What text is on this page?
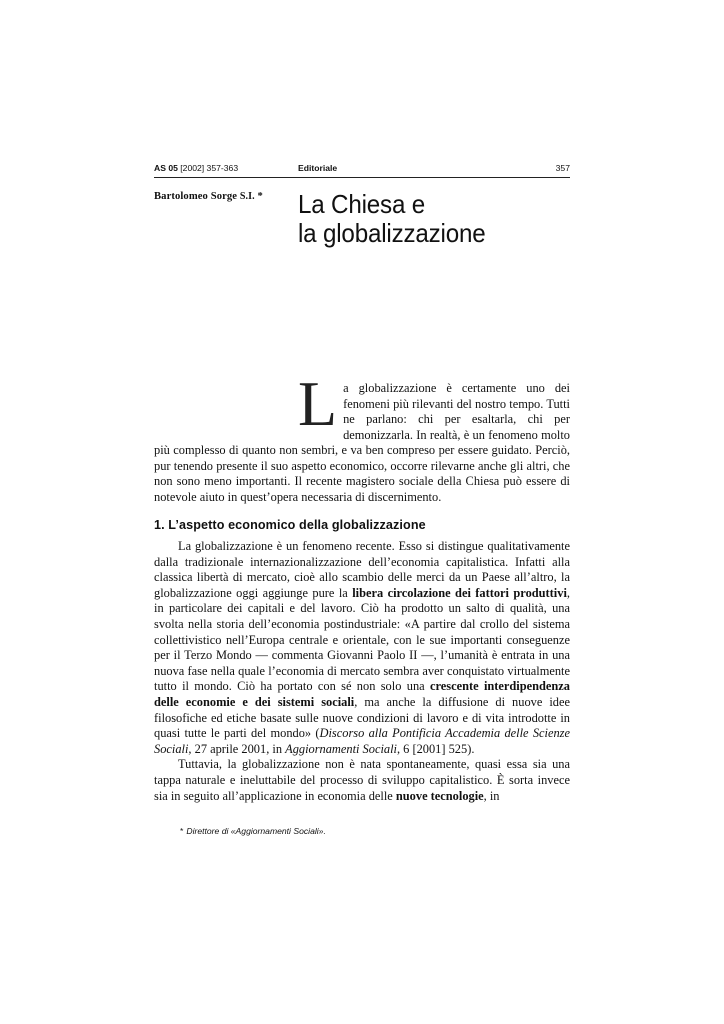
AS 05 [2002] 357-363	Editoriale	357
Bartolomeo Sorge S.I. * La Chiesa e
la globalizzazione
L a globalizzazione è certamente uno dei fenomeni più rilevanti del nostro tempo. Tutti ne parlano: chi per esaltarla, chi per demonizzarla. In realtà, è un fenomeno molto più complesso di quanto non sembri, e va ben compreso per essere guidato. Perciò, pur tenendo presente il suo aspetto economico, occorre rilevarne anche gli altri, che non sono meno importanti. Il recente magistero sociale della Chiesa può essere di notevole aiuto in quest’opera necessaria di discernimento.

1. L’aspetto economico della globalizzazione

La globalizzazione è un fenomeno recente. Esso si distingue qualitativamente dalla tradizionale internazionalizzazione dell’economia capitalistica. Infatti alla classica libertà di mercato, cioè allo scambio delle merci da un Paese all’altro, la globalizzazione oggi aggiunge pure la libera circolazione dei fattori produttivi, in particolare dei capitali e del lavoro. Ciò ha prodotto un salto di qualità, una svolta nella storia dell’economia postindustriale: «A partire dal crollo del sistema collettivistico nell’Europa centrale e orientale, con le sue importanti conseguenze per il Terzo Mondo — commenta Giovanni Paolo II —, l’umanità è entrata in una nuova fase nella quale l’economia di mercato sembra aver conquistato virtualmente tutto il mondo. Ciò ha portato con sé non solo una crescente interdipendenza delle economie e dei sistemi sociali, ma anche la diffusione di nuove idee filosofiche ed etiche basate sulle nuove condizioni di lavoro e di vita introdotte in quasi tutte le parti del mondo» (Discorso alla Pontificia Accademia delle Scienze Sociali, 27 aprile 2001, in Aggiornamenti Sociali, 6 [2001] 525).

Tuttavia, la globalizzazione non è nata spontaneamente, quasi essa sia una tappa naturale e ineluttabile del processo di sviluppo capitalistico. È sorta invece sia in seguito all’applicazione in economia delle nuove tecnologie, in

* Direttore di «Aggiornamenti Sociali».
